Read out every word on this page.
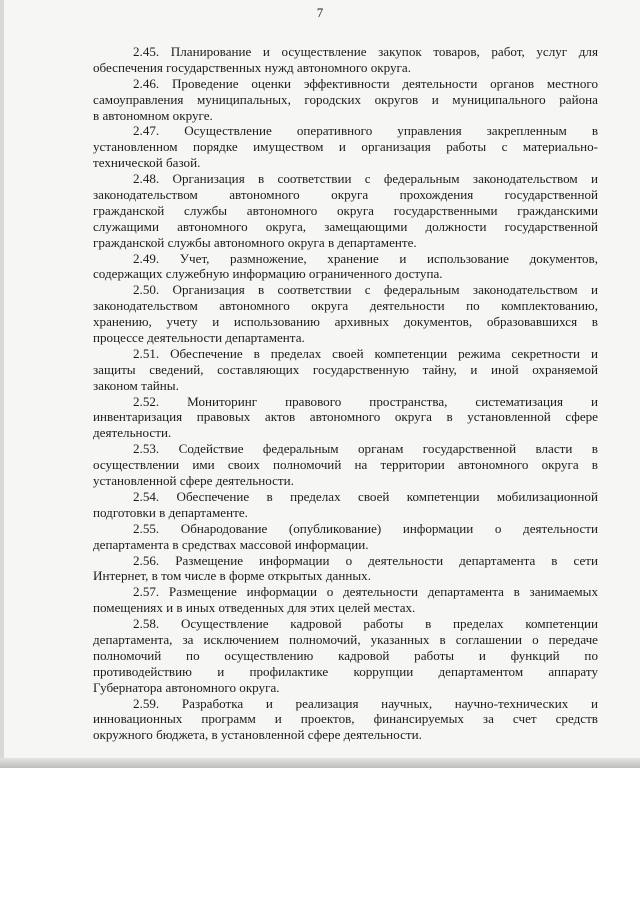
7
2.45. Планирование и осуществление закупок товаров, работ, услуг для
обеспечения государственных нужд автономного округа.
2.46. Проведение оценки эффективности деятельности органов местного
самоуправления муниципальных, городских округов и муниципального района
в автономном округе.
2.47. Осуществление оперативного управления закрепленным в
установленном порядке имуществом и организация работы с материально-
технической базой.
2.48. Организация в соответствии с федеральным законодательством и
законодательством автономного округа прохождения государственной
гражданской службы автономного округа государственными гражданскими
служащими автономного округа, замещающими должности государственной
гражданской службы автономного округа в департаменте.
2.49. Учет, размножение, хранение и использование документов,
содержащих служебную информацию ограниченного доступа.
2.50. Организация в соответствии с федеральным законодательством и
законодательством автономного округа деятельности по комплектованию,
хранению, учету и использованию архивных документов, образовавшихся в
процессе деятельности департамента.
2.51. Обеспечение в пределах своей компетенции режима секретности и
защиты сведений, составляющих государственную тайну, и иной охраняемой
законом тайны.
2.52. Мониторинг правового пространства, систематизация и
инвентаризация правовых актов автономного округа в установленной сфере
деятельности.
2.53. Содействие федеральным органам государственной власти в
осуществлении ими своих полномочий на территории автономного округа в
установленной сфере деятельности.
2.54. Обеспечение в пределах своей компетенции мобилизационной
подготовки в департаменте.
2.55. Обнародование (опубликование) информации о деятельности
департамента в средствах массовой информации.
2.56. Размещение информации о деятельности департамента в сети
Интернет, в том числе в форме открытых данных.
2.57. Размещение информации о деятельности департамента в занимаемых
помещениях и в иных отведенных для этих целей местах.
2.58. Осуществление кадровой работы в пределах компетенции
департамента, за исключением полномочий, указанных в соглашении о передаче
полномочий по осуществлению кадровой работы и функций по
противодействию и профилактике коррупции департаментом аппарату
Губернатора автономного округа.
2.59. Разработка и реализация научных, научно-технических и
инновационных программ и проектов, финансируемых за счет средств
окружного бюджета, в установленной сфере деятельности.
